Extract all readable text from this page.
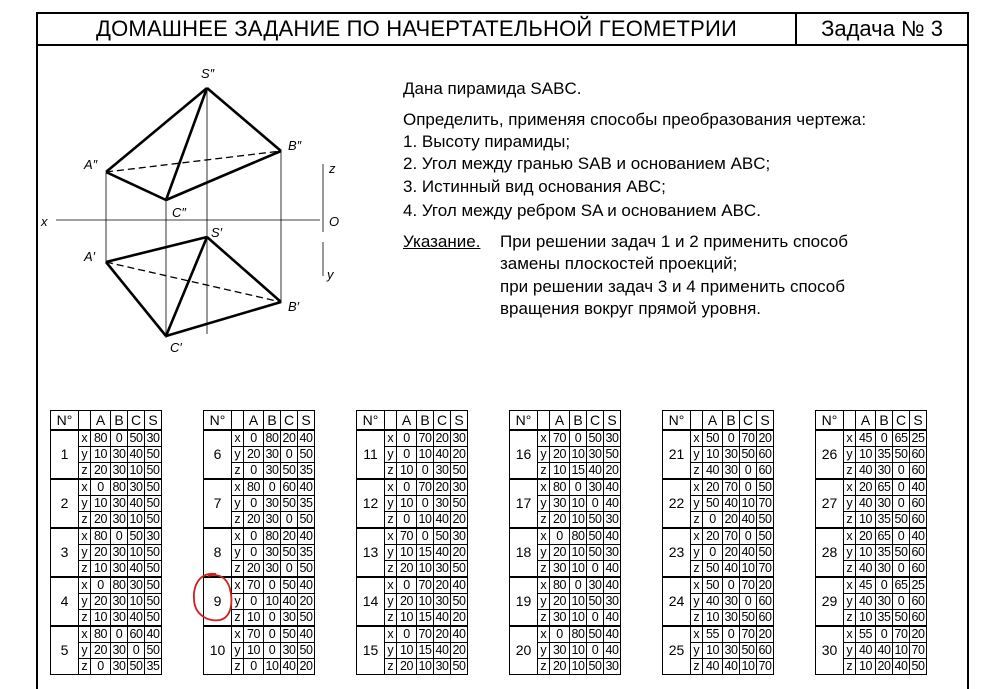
ДОМАШНЕЕ ЗАДАНИЕ ПО НАЧЕРТАТЕЛЬНОЙ ГЕОМЕТРИИ	Задача № 3
S″
A″
B″
C″
S′
A′
B′
C′
x
z
O
y
Дана пирамида SABC.
Определить, применяя способы преобразования чертежа:
1. Высоту пирамиды;
2. Угол между гранью SAB и основанием ABC;
3. Истинный вид основания ABC;
4. Угол между ребром SA и основанием ABC.
Указание. При решении задач 1 и 2 применить способ
замены плоскостей проекций;
при решении задач 3 и 4 применить способ
вращения вокруг прямой уровня.
N°		A	B	C	S
1	x	80	0	50	30
	y	10	30	40	50
	z	20	30	10	50
2	x	0	80	30	50
	y	10	30	40	50
	z	20	30	10	50
3	x	80	0	50	30
	y	20	30	10	50
	z	10	30	40	50
4	x	0	80	30	50
	y	20	30	10	50
	z	10	30	40	50
5	x	80	0	60	40
	y	20	30	0	50
	z	0	30	50	35
N°		A	B	C	S
6	x	0	80	20	40
	y	20	30	0	50
	z	0	30	50	35
7	x	80	0	60	40
	y	0	30	50	35
	z	20	30	0	50
8	x	0	80	20	40
	y	0	30	50	35
	z	20	30	0	50
9	x	70	0	50	40
	y	0	10	40	20
	z	10	0	30	50
10	x	70	0	50	40
	y	10	0	30	50
	z	0	10	40	20
N°		A	B	C	S
11	x	0	70	20	30
	y	0	10	40	20
	z	10	0	30	50
12	x	0	70	20	30
	y	10	0	30	50
	z	0	10	40	20
13	x	70	0	50	30
	y	10	15	40	20
	z	20	10	30	50
14	x	0	70	20	40
	y	20	10	30	50
	z	10	15	40	20
15	x	0	70	20	40
	y	10	15	40	20
	z	20	10	30	50
N°		A	B	C	S
16	x	70	0	50	30
	y	20	10	30	50
	z	10	15	40	20
17	x	80	0	30	40
	y	30	10	0	40
	z	20	10	50	30
18	x	0	80	50	40
	y	20	10	50	30
	z	30	10	0	40
19	x	80	0	30	40
	y	20	10	50	30
	z	30	10	0	40
20	x	0	80	50	40
	y	30	10	0	40
	z	20	10	50	30
N°		A	B	C	S
21	x	50	0	70	20
	y	10	30	50	60
	z	40	30	0	60
22	x	20	70	0	50
	y	50	40	10	70
	z	0	20	40	50
23	x	20	70	0	50
	y	0	20	40	50
	z	50	40	10	70
24	x	50	0	70	20
	y	40	30	0	60
	z	10	30	50	60
25	x	55	0	70	20
	y	10	30	50	60
	z	40	40	10	70
N°		A	B	C	S
26	x	45	0	65	25
	y	10	35	50	60
	z	40	30	0	60
27	x	20	65	0	40
	y	40	30	0	60
	z	10	35	50	60
28	x	20	65	0	40
	y	10	35	50	60
	z	40	30	0	60
29	x	45	0	65	25
	y	40	30	0	60
	z	10	35	50	60
30	x	55	0	70	20
	y	40	40	10	70
	z	10	20	40	50
